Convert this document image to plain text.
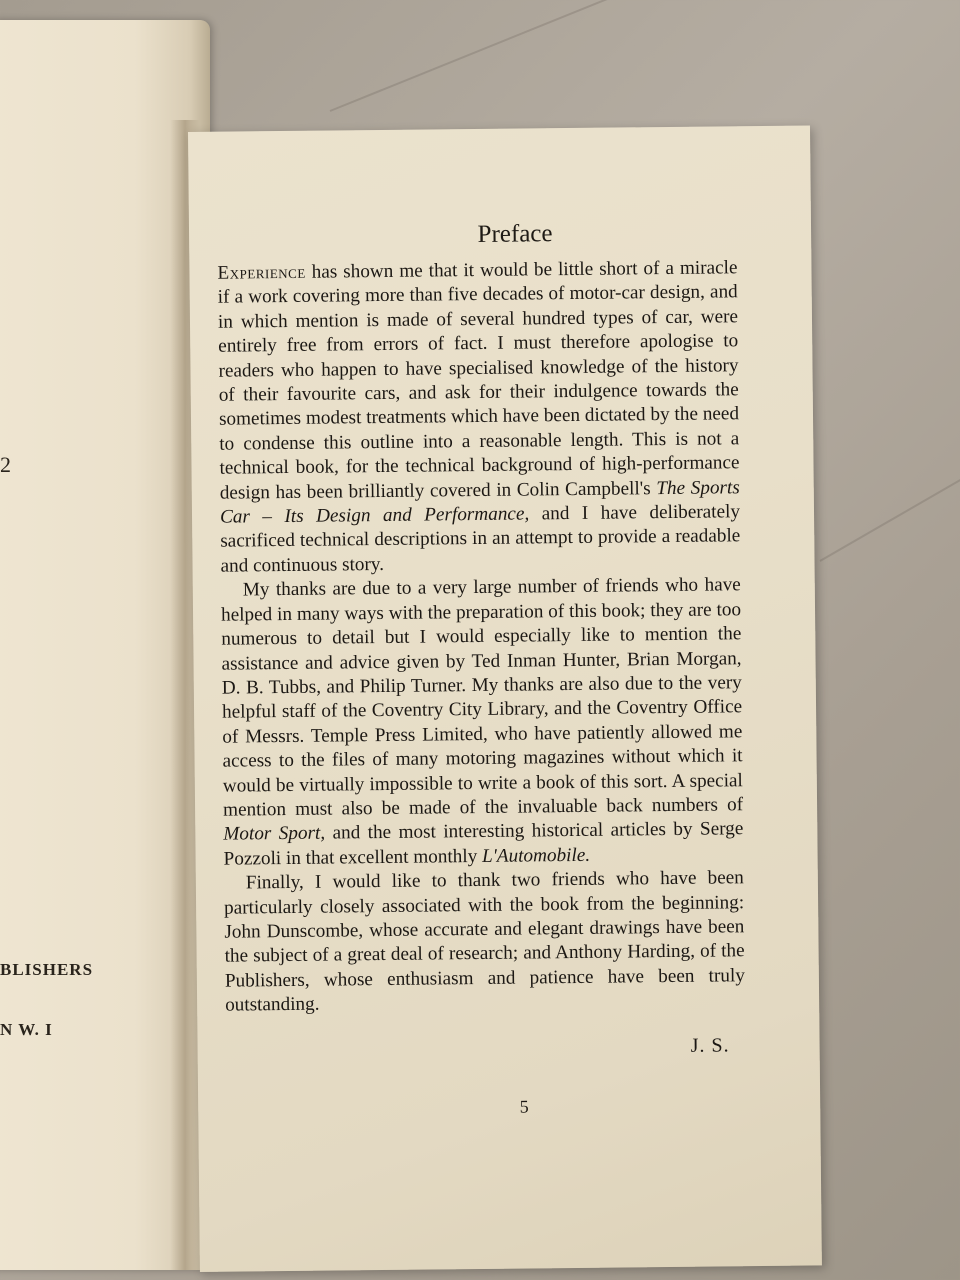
2
BLISHERS
N W. I
Preface

Experience has shown me that it would be little short of a miracle if a work covering more than five decades of motor-car design, and in which mention is made of several hundred types of car, were entirely free from errors of fact. I must therefore apologise to readers who happen to have specialised knowledge of the history of their favourite cars, and ask for their indulgence towards the sometimes modest treatments which have been dictated by the need to condense this outline into a reasonable length. This is not a technical book, for the technical background of high-performance design has been brilliantly covered in Colin Campbell's The Sports Car – Its Design and Performance, and I have deliberately sacrificed technical descriptions in an attempt to provide a readable and continuous story.

My thanks are due to a very large number of friends who have helped in many ways with the preparation of this book; they are too numerous to detail but I would especially like to mention the assistance and advice given by Ted Inman Hunter, Brian Morgan, D. B. Tubbs, and Philip Turner. My thanks are also due to the very helpful staff of the Coventry City Library, and the Coventry Office of Messrs. Temple Press Limited, who have patiently allowed me access to the files of many motoring magazines without which it would be virtually impossible to write a book of this sort. A special mention must also be made of the invaluable back numbers of Motor Sport, and the most interesting historical articles by Serge Pozzoli in that excellent monthly L'Automobile.

Finally, I would like to thank two friends who have been particularly closely associated with the book from the beginning: John Dunscombe, whose accurate and elegant drawings have been the subject of a great deal of research; and Anthony Harding, of the Publishers, whose enthusiasm and patience have been truly outstanding.

J. S.
5
